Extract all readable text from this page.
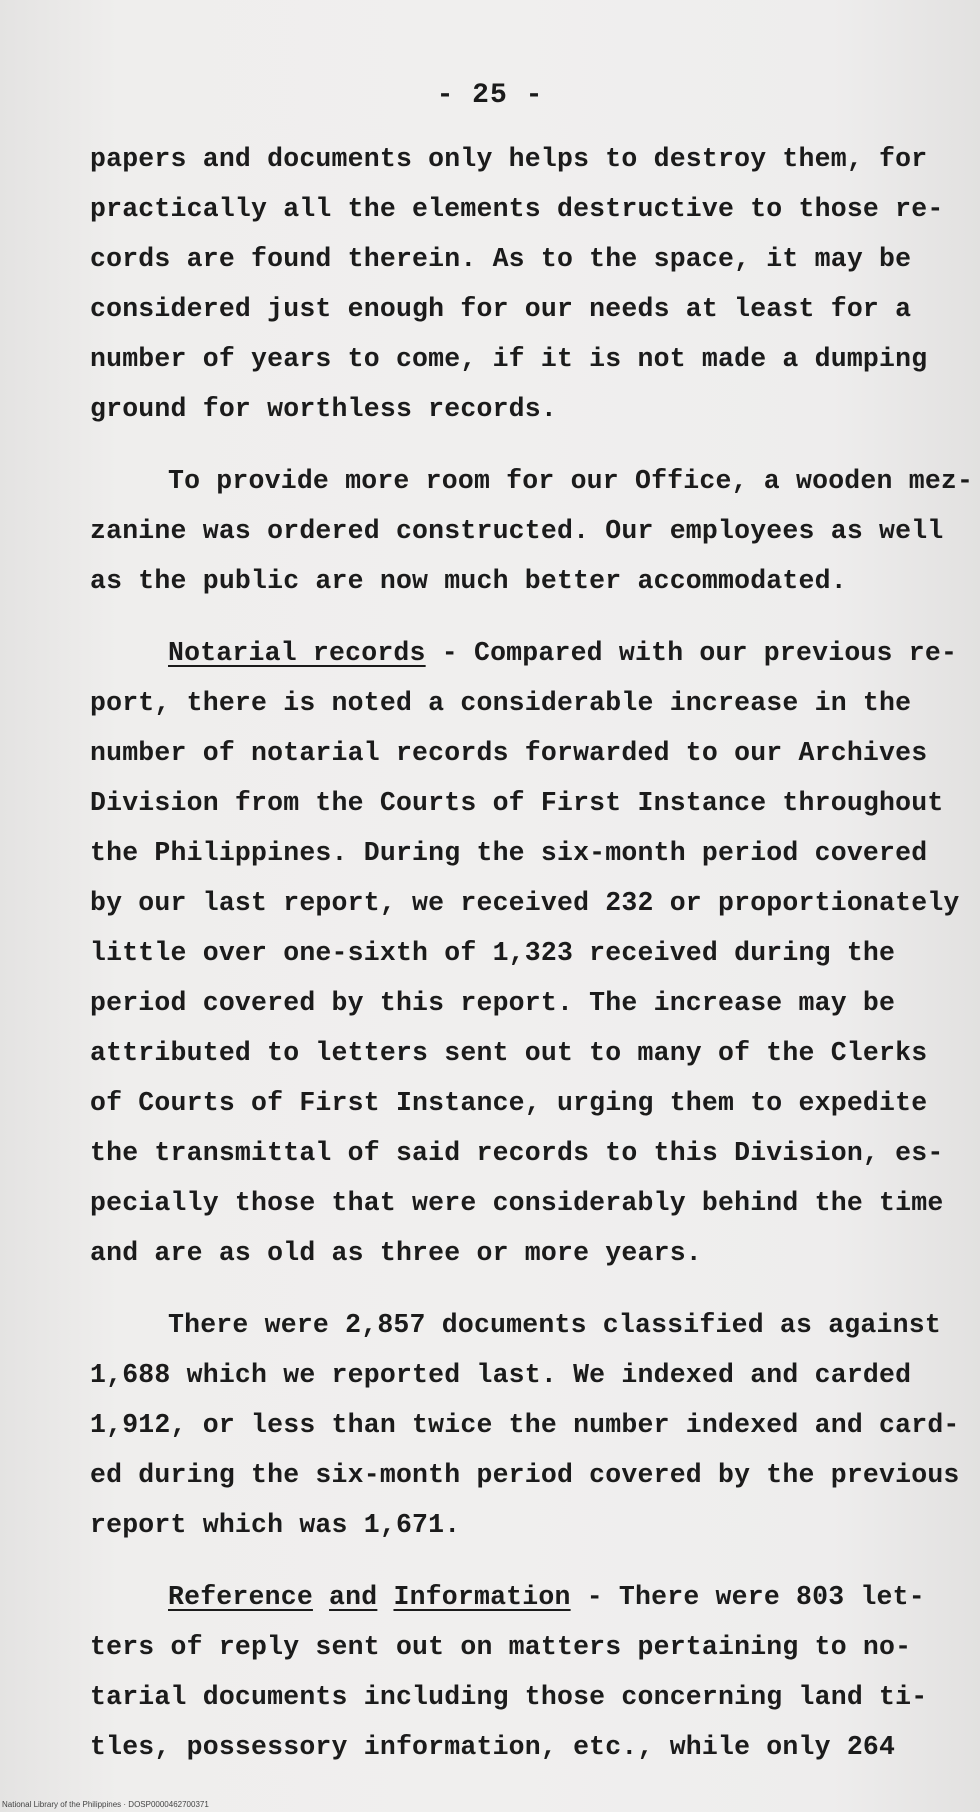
- 25 -
papers and documents only helps to destroy them, for
practically all the elements destructive to those re-
cords are found therein. As to the space, it may be
considered just enough for our needs at least for a
number of years to come, if it is not made a dumping
ground for worthless records.
To provide more room for our Office, a wooden mez-
zanine was ordered constructed. Our employees as well
as the public are now much better accommodated.
Notarial records - Compared with our previous re-
port, there is noted a considerable increase in the
number of notarial records forwarded to our Archives
Division from the Courts of First Instance throughout
the Philippines. During the six-month period covered
by our last report, we received 232 or proportionately
little over one-sixth of 1,323 received during the
period covered by this report. The increase may be
attributed to letters sent out to many of the Clerks
of Courts of First Instance, urging them to expedite
the transmittal of said records to this Division, es-
pecially those that were considerably behind the time
and are as old as three or more years.
There were 2,857 documents classified as against
1,688 which we reported last. We indexed and carded
1,912, or less than twice the number indexed and card-
ed during the six-month period covered by the previous
report which was 1,671.
Reference and Information - There were 803 let-
ters of reply sent out on matters pertaining to no-
tarial documents including those concerning land ti-
tles, possessory information, etc., while only 264
National Library of the Philippines · DOSP0000462700371
